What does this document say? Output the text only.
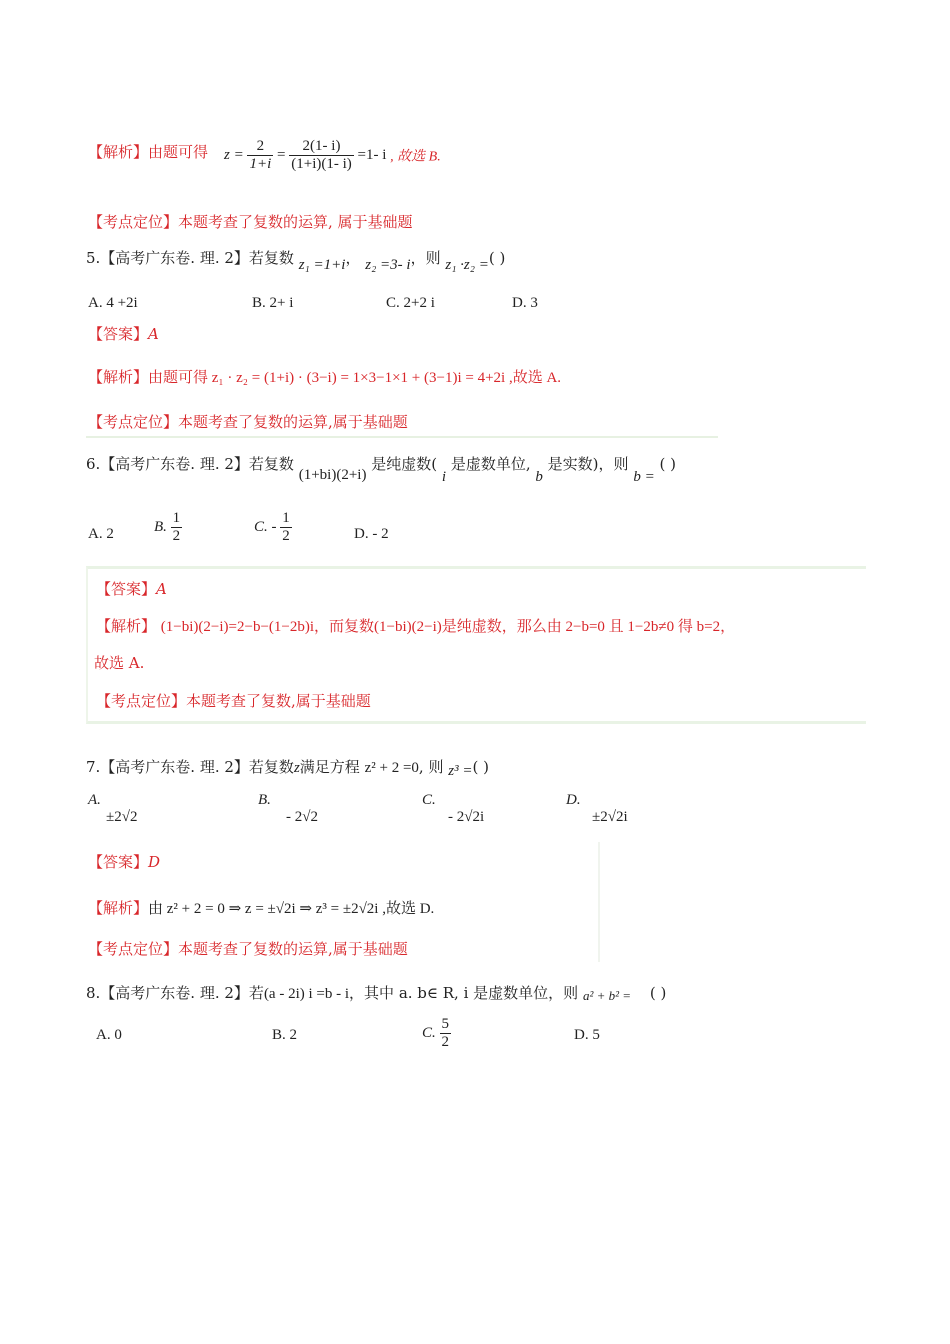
【解析】由题可得 $z = \frac{2}{1+i} = \frac{2(1- i)}{(1+i)(1- i)} =1-$ i , 故选 B.
【考点定位】本题考查了复数的运算, 属于基础题
5.【高考广东卷. 理. 2】若复数 z₁ =1+i， z₂ =3- i，则 z₁ ·z₂ =( )
A. 4 +2i	B. 2+ i	C. 2+2 i	D. 3
【答案】A
【解析】由题可得 z₁ · z₂ = (1+i) · (3−i) = 1×3−1×1 + (3−1)i = 4+2i ,故选 A.
【考点定位】本题考查了复数的运算,属于基础题
6.【高考广东卷. 理. 2】若复数 (1+bi)(2+i) 是纯虚数( i 是虚数单位, b 是实数)，则 b = ( )
A. 2	B. $\frac{1}{2}$	C. - $\frac{1}{2}$	D. - 2
【答案】A
【解析】 (1−bi)(2−i)=2−b−(1−2b)i，而复数(1−bi)(2−i)是纯虚数，那么由 2−b=0 且 1−2b≠0 得 b=2，
故选 A.
【考点定位】本题考查了复数,属于基础题
7.【高考广东卷. 理. 2】若复数z满足方程 z² + 2 =0, 则 z³ =( )
A.
±2√2
B.
- 2√2
C.
- 2√2i
D.
±2√2i
【答案】D
【解析】由 z² + 2 = 0 ⇒ z = ±√2i ⇒ z³ = ±2√2i ,故选 D.
【考点定位】本题考查了复数的运算,属于基础题
8.【高考广东卷. 理. 2】若(a - 2i) i =b - i，其中 a. b∈ R, i 是虚数单位，则 a² + b² = ( )
A. 0	B. 2	C. $\frac{5}{2}$	D. 5
